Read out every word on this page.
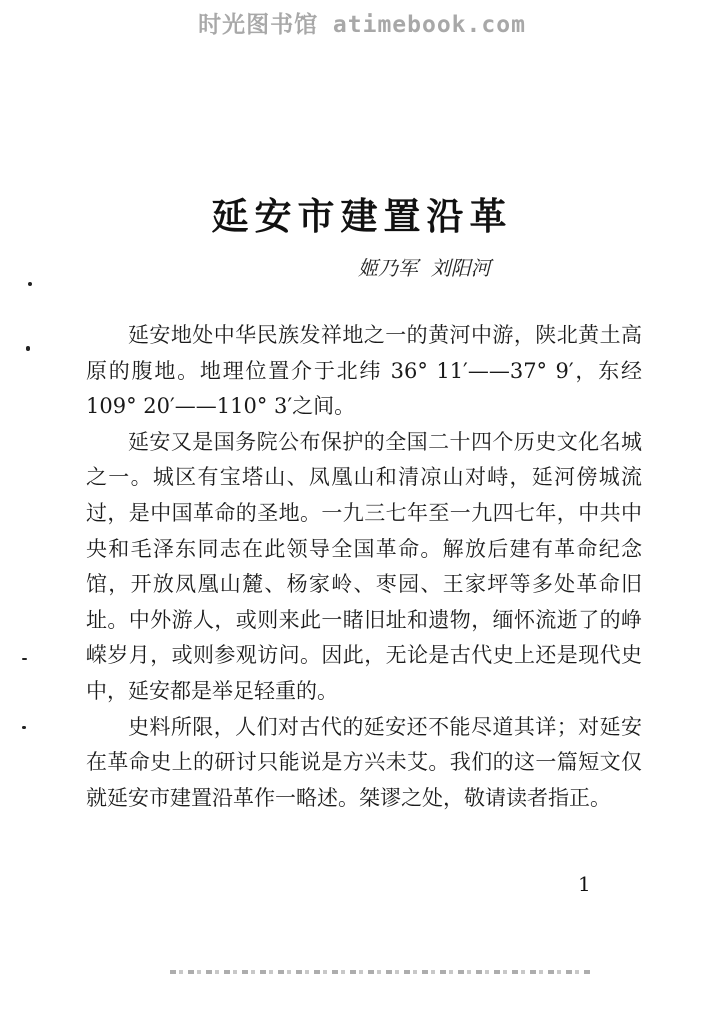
时光图书馆 atimebook.com
延安市建置沿革
姬乃军  刘阳河

延安地处中华民族发祥地之一的黄河中游，陕北黄土高原的腹地。地理位置介于北纬 36° 11′——37° 9′，东经 109° 20′——110° 3′之间。

延安又是国务院公布保护的全国二十四个历史文化名城之一。城区有宝塔山、凤凰山和清凉山对峙，延河傍城流过，是中国革命的圣地。一九三七年至一九四七年，中共中央和毛泽东同志在此领导全国革命。解放后建有革命纪念馆，开放凤凰山麓、杨家岭、枣园、王家坪等多处革命旧址。中外游人，或则来此一睹旧址和遗物，缅怀流逝了的峥嵘岁月，或则参观访问。因此，无论是古代史上还是现代史中，延安都是举足轻重的。

史料所限，人们对古代的延安还不能尽道其详；对延安在革命史上的研讨只能说是方兴未艾。我们的这一篇短文仅就延安市建置沿革作一略述。桀谬之处，敬请读者指正。

1
